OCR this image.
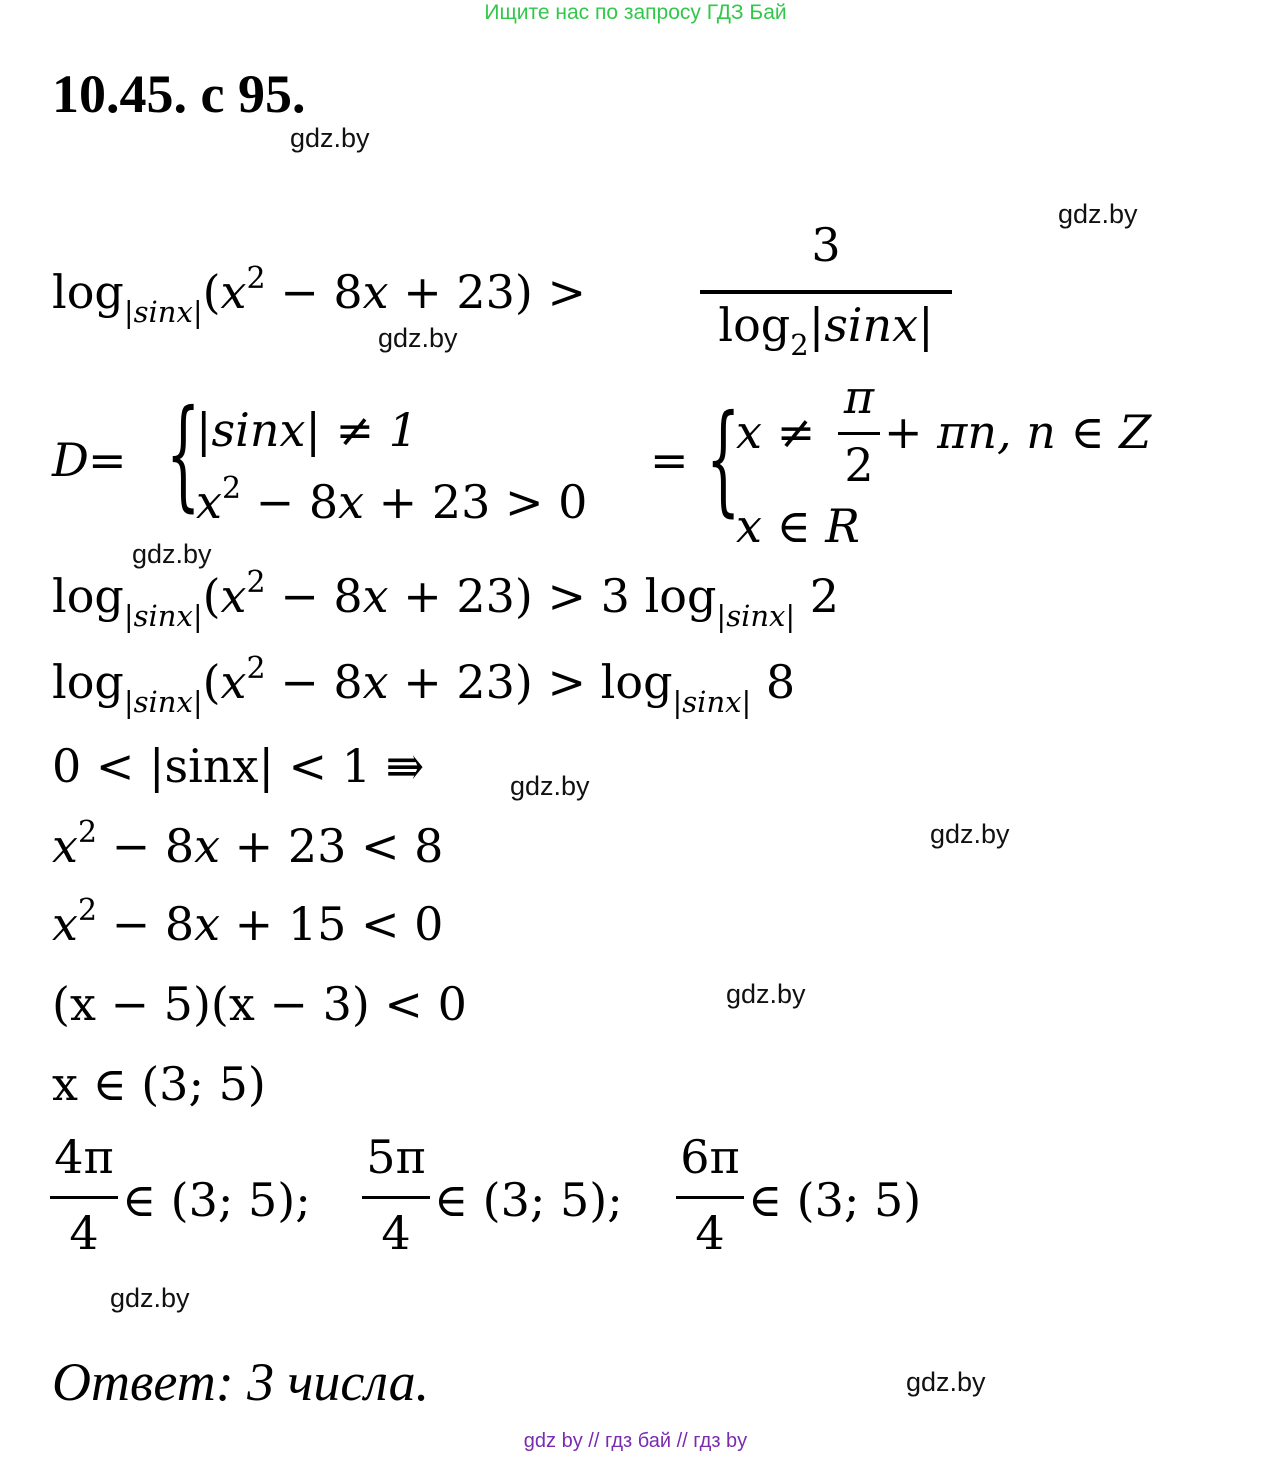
Ищите нас по запросу ГДЗ Бай
10.45. с 95.
gdz.by
gdz.by
gdz.by
gdz.by
gdz.by
gdz.by
gdz.by
gdz.by
gdz.by
$\log_{|sinx|}(x^2 - 8x + 23)$ >
3
$\log_2|\sin x|$
D = {
|sinx| ≠ 1
$x^2 - 8x + 23 > 0$
= {
x ≠
π
2
+ πn, n ∈ Z
x ∈ R
$\log_{|sinx|}(x^2 - 8x + 23) > 3$ $\log_{|sinx|} 2$
$\log_{|sinx|}(x^2 - 8x + 23) > \log_{|sinx|} 8$
0 < |sinx| < 1 ⇛
$x^2 - 8x + 23 < 8$
$x^2 - 8x + 15 < 0$
(x − 5)(x − 3) < 0
x ∈ (3; 5)
4π
4
∈ (3; 5);
5π
4
∈ (3; 5);
6π
4
∈ (3; 5)
Ответ: 3 числа.
gdz by // гдз бай // гдз by
